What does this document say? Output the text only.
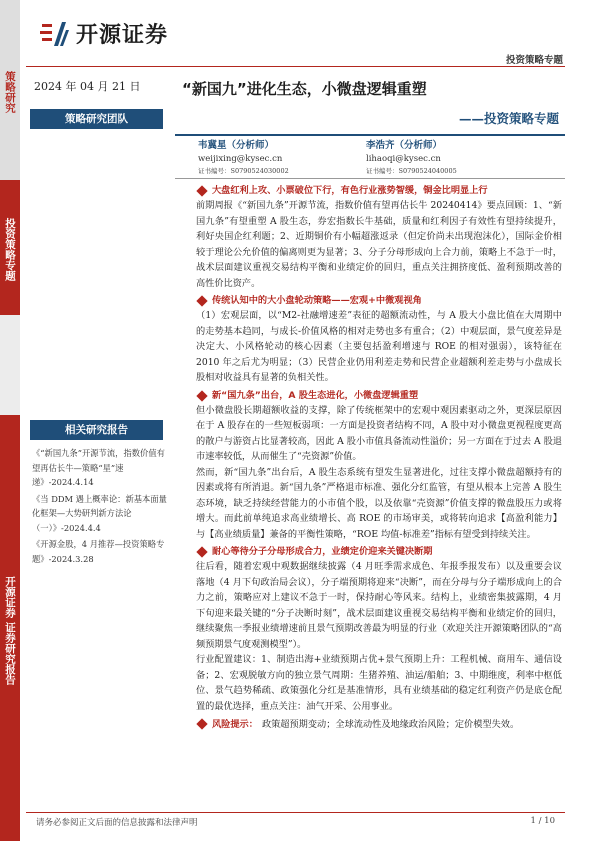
策略研究
投资策略专题
开源证券 证券研究报告
开源证券
投资策略专题
2024 年 04 月 21 日
策略研究团队
相关研究报告
《“新国九条”开源节流，指数价值有望再估长牛—策略“星”速递》-2024.4.14
《当 DDM 遇上概率论：新基本面量化框架—大势研判新方法论（一）》-2024.4.4
《开源金股，4 月推荐—投资策略专题》-2024.3.28
“新国九”进化生态，小微盘逻辑重塑
——投资策略专题
韦冀星（分析师）
weijixing@kysec.cn
证书编号：S0790524030002
李浩齐（分析师）
lihaoqi@kysec.cn
证书编号：S0790524040005
大盘红利上攻、小票破位下行，有色行业涨势智缓，铜金比明显上行
前期周报《“新国九条”开源节流，指数价值有望再估长牛 20240414》要点回顾：1、“新国九条”有望重塑 A 股生态，券宏指数长牛基础，质量和红利因子有效性有望持续提升，利好央国企红利题；2、近期铜价有小幅超涨返录（但定价尚未出现泡沫化），国际金价相较于理论公允价值的偏离则更为显著；3、分子分母形成向上合力前，策略上不急于一时，战术层面建议重视交易结构平衡和业绩定价的回归，重点关注拥挤度低、盈利预期改善的高性价比资产。
传统认知中的大小盘轮动策略——宏观+中微观视角
（1）宏观层面，以“M2-社融增速差”表征的超额流动性，与 A 股大小盘比值在大周期中的走势基本趋同，与成长-价值风格的相对走势也多有重合；（2）中观层面，景气度差异是决定大、小风格轮动的核心因素（主要包括盈利增速与 ROE 的相对强弱），该特征在 2010 年之后尤为明显；（3）民营企业仍用利差走势和民营企业超额利差走势与小盘成长股相对收益具有显著的负相关性。
新“国九条”出台，A 股生态进化，小微盘逻辑重塑
但小微盘股长期超额收益的支撑，除了传统框架中的宏观中观因素驱动之外，更深层原因在于 A 股存在的一些短板弱项：一方面是投资者结构不同，A 股中对小微盘更视程度更高的散户与游资占比显著较高，因此 A 股小市值具备流动性溢价；另一方面在于过去 A 股退市速率较低，从而催生了“壳资源”价值。
然而，新“国九条”出台后，A 股生态系统有望发生显著进化，过往支撑小微盘超额持有的因素或将有所消退。新“国九条”严格退市标准、强化分红监管，有望从根本上完善 A 股生态环境，缺乏持续经营能力的小市值个股，以及依靠“壳资源”价值支撑的微盘股压力或将增大。而此前单纯追求高业绩增长、高 ROE 的市场审美，或将转向追求【高盈利能力】与【高业绩质量】兼备的平衡性策略，“ROE 均值-标准差”指标有望受到持续关注。
耐心等待分子分母形成合力，业绩定价迎来关键决断期
往后看，随着宏观中观数据继续披露（4 月旺季需求成色、年报季报发布）以及重要会议落地（4 月下旬政治局会议），分子端预期将迎来“决断”，而在分母与分子端形成向上的合力之前，策略应对上建议不急于一时，保持耐心等风来。结构上，业绩密集披露期，4 月下旬迎来最关键的“分子决断时刻”，战术层面建议重视交易结构平衡和业绩定价的回归，继续聚焦一季报业绩增速前且景气预期改善最为明显的行业（欢迎关注开源策略团队的“高频预期景气度观测模型”）。
行业配置建议：1、制造出海+业绩预期占优+景气预期上升：工程机械、商用车、通信设备；2、宏观脱敏方向的独立景气周期：生猪养殖、油运/船舶；3、中期维度，利率中枢低位、景气趋势稀疏、政策强化分红是基准情形，具有业绩基础的稳定红利资产仍是底仓配置的最优选择，重点关注：油气开采、公用事业。
风险提示： 政策超预期变动；全球流动性及地缘政治风险；定价模型失效。
请务必参阅正文后面的信息披露和法律声明	1 / 10
